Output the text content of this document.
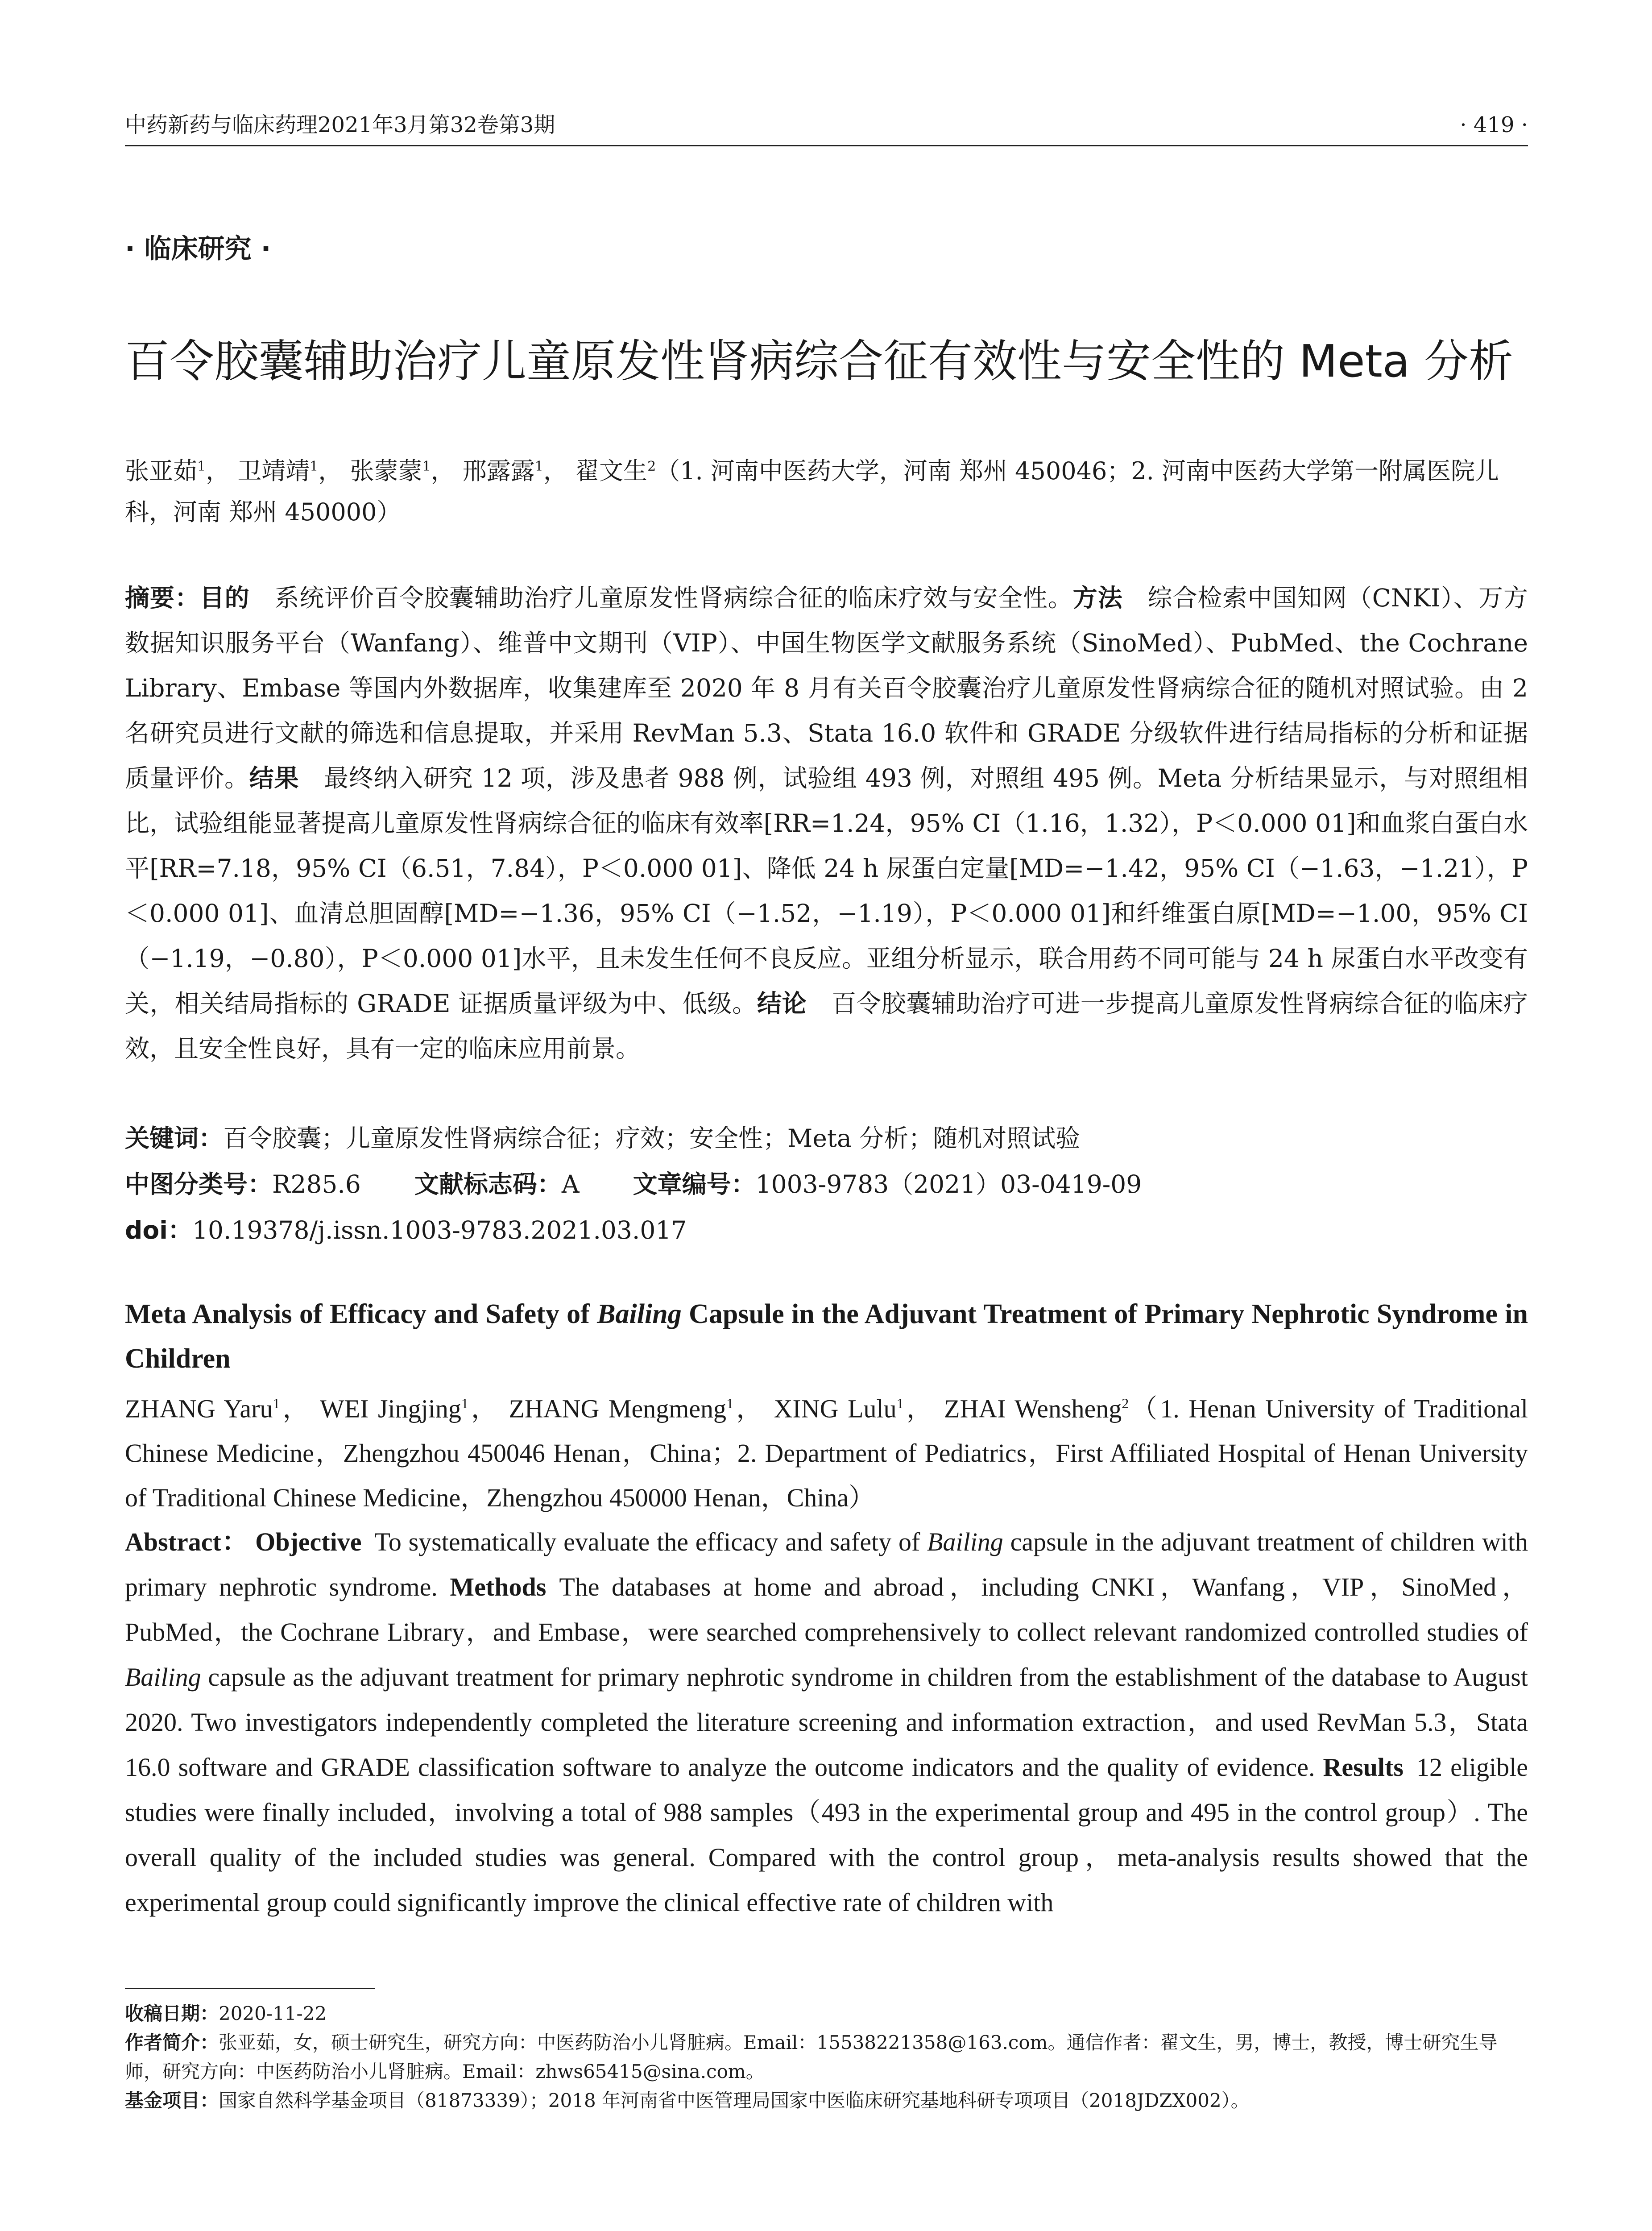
中药新药与临床药理2021年3月第32卷第3期	· 419 ·
· 临床研究 ·
百令胶囊辅助治疗儿童原发性肾病综合征有效性与安全性的 Meta 分析
张亚茹$^1$， 卫靖靖$^1$， 张蒙蒙$^1$， 邢露露$^1$， 翟文生$^2$（1. 河南中医药大学，河南 郑州 450046；2. 河南中医药大学第一附属医院儿科，河南 郑州 450000）
摘要：目的  系统评价百令胶囊辅助治疗儿童原发性肾病综合征的临床疗效与安全性。方法  综合检索中国知网（CNKI）、万方数据知识服务平台（Wanfang）、维普中文期刊（VIP）、中国生物医学文献服务系统（SinoMed）、PubMed、the Cochrane Library、Embase 等国内外数据库，收集建库至 2020 年 8 月有关百令胶囊治疗儿童原发性肾病综合征的随机对照试验。由 2 名研究员进行文献的筛选和信息提取，并采用 RevMan 5.3、Stata 16.0 软件和 GRADE 分级软件进行结局指标的分析和证据质量评价。结果  最终纳入研究 12 项，涉及患者 988 例，试验组 493 例，对照组 495 例。Meta 分析结果显示，与对照组相比，试验组能显著提高儿童原发性肾病综合征的临床有效率[RR=1.24，95% CI（1.16，1.32），P＜0.000 01]和血浆白蛋白水平[RR=7.18，95% CI（6.51，7.84），P＜0.000 01]、降低 24 h 尿蛋白定量[MD=−1.42，95% CI（−1.63，−1.21），P＜0.000 01]、血清总胆固醇[MD=−1.36，95% CI（−1.52，−1.19），P＜0.000 01]和纤维蛋白原[MD=−1.00，95% CI（−1.19，−0.80），P＜0.000 01]水平，且未发生任何不良反应。亚组分析显示，联合用药不同可能与 24 h 尿蛋白水平改变有关，相关结局指标的 GRADE 证据质量评级为中、低级。结论  百令胶囊辅助治疗可进一步提高儿童原发性肾病综合征的临床疗效，且安全性良好，具有一定的临床应用前景。
关键词：百令胶囊；儿童原发性肾病综合征；疗效；安全性；Meta 分析；随机对照试验
中图分类号：R285.6 文献标志码：A 文章编号：1003-9783（2021）03-0419-09
doi：10.19378/j.issn.1003-9783.2021.03.017
Meta Analysis of Efficacy and Safety of Bailing Capsule in the Adjuvant Treatment of Primary Nephrotic Syndrome in Children
ZHANG Yaru$^1$， WEI Jingjing$^1$， ZHANG Mengmeng$^1$， XING Lulu$^1$， ZHAI Wensheng$^2$（1. Henan University of Traditional Chinese Medicine，Zhengzhou 450046 Henan，China；2. Department of Pediatrics，First Affiliated Hospital of Henan University of Traditional Chinese Medicine，Zhengzhou 450000 Henan，China）
Abstract： Objective  To systematically evaluate the efficacy and safety of Bailing capsule in the adjuvant treatment of children with primary nephrotic syndrome. Methods  The databases at home and abroad，including CNKI，Wanfang，VIP，SinoMed，PubMed，the Cochrane Library，and Embase，were searched comprehensively to collect relevant randomized controlled studies of Bailing capsule as the adjuvant treatment for primary nephrotic syndrome in children from the establishment of the database to August 2020. Two investigators independently completed the literature screening and information extraction，and used RevMan 5.3，Stata 16.0 software and GRADE classification software to analyze the outcome indicators and the quality of evidence. Results  12 eligible studies were finally included，involving a total of 988 samples（493 in the experimental group and 495 in the control group）. The overall quality of the included studies was general. Compared with the control group，meta-analysis results showed that the experimental group could significantly improve the clinical effective rate of children with

收稿日期：2020-11-22

作者简介：张亚茹，女，硕士研究生，研究方向：中医药防治小儿肾脏病。Email：15538221358@163.com。通信作者：翟文生，男，博士，教授，博士研究生导师，研究方向：中医药防治小儿肾脏病。Email：zhws65415@sina.com。

基金项目：国家自然科学基金项目（81873339）；2018 年河南省中医管理局国家中医临床研究基地科研专项项目（2018JDZX002）。
